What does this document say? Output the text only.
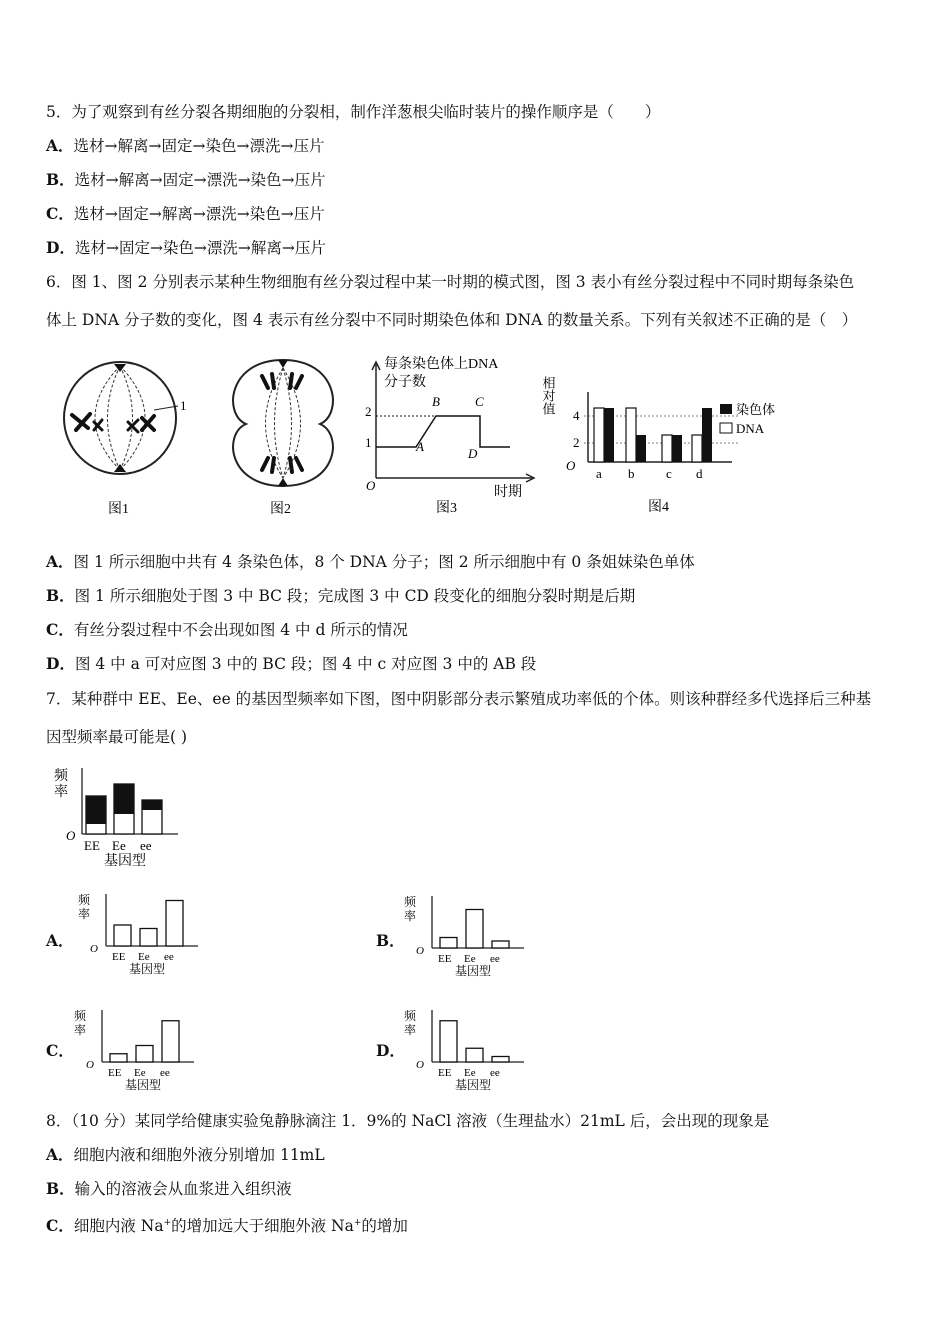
5．为了观察到有丝分裂各期细胞的分裂相，制作洋葱根尖临时装片的操作顺序是（　　）
A．选材→解离→固定→染色→漂洗→压片
B．选材→解离→固定→漂洗→染色→压片
C．选材→固定→解离→漂洗→染色→压片
D．选材→固定→染色→漂洗→解离→压片
6．图 1、图 2 分别表示某种生物细胞有丝分裂过程中某一时期的模式图，图 3 表小有丝分裂过程中不同时期每条染色
体上 DNA 分子数的变化，图 4 表示有丝分裂中不同时期染色体和 DNA 的数量关系。下列有关叙述不正确的是（　）
1
图1	图2
每条染色体上DNA
分子数
O
1
2
A
B	C
D
时期
图3
相对值
O
2
4
a b c d
染色体
DNA
图4
A．图 1 所示细胞中共有 4 条染色体，8 个 DNA 分子；图 2 所示细胞中有 0 条姐妹染色单体
B．图 1 所示细胞处于图 3 中 BC 段；完成图 3 中 CD 段变化的细胞分裂时期是后期
C．有丝分裂过程中不会出现如图 4 中 d 所示的情况
D．图 4 中 a 可对应图 3 中的 BC 段；图 4 中 c 对应图 3 中的 AB 段
7．某种群中 EE、Ee、ee 的基因型频率如下图，图中阴影部分表示繁殖成功率低的个体。则该种群经多代选择后三种基
因型频率最可能是( )
频
率
O
EE Ee ee
基因型
A．
频
率
O
EE Ee ee
基因型
B．
频
率
O
EE Ee ee
基因型
C．
频
率
O
EE Ee ee
基因型
D．
频
率
O
EE Ee ee
基因型
8．（10 分）某同学给健康实验兔静脉滴注 1．9%的 NaCl 溶液（生理盐水）21mL 后，会出现的现象是
A．细胞内液和细胞外液分别增加 11mL
B．输入的溶液会从血浆进入组织液
C．细胞内液 Na+的增加远大于细胞外液 Na+的增加
